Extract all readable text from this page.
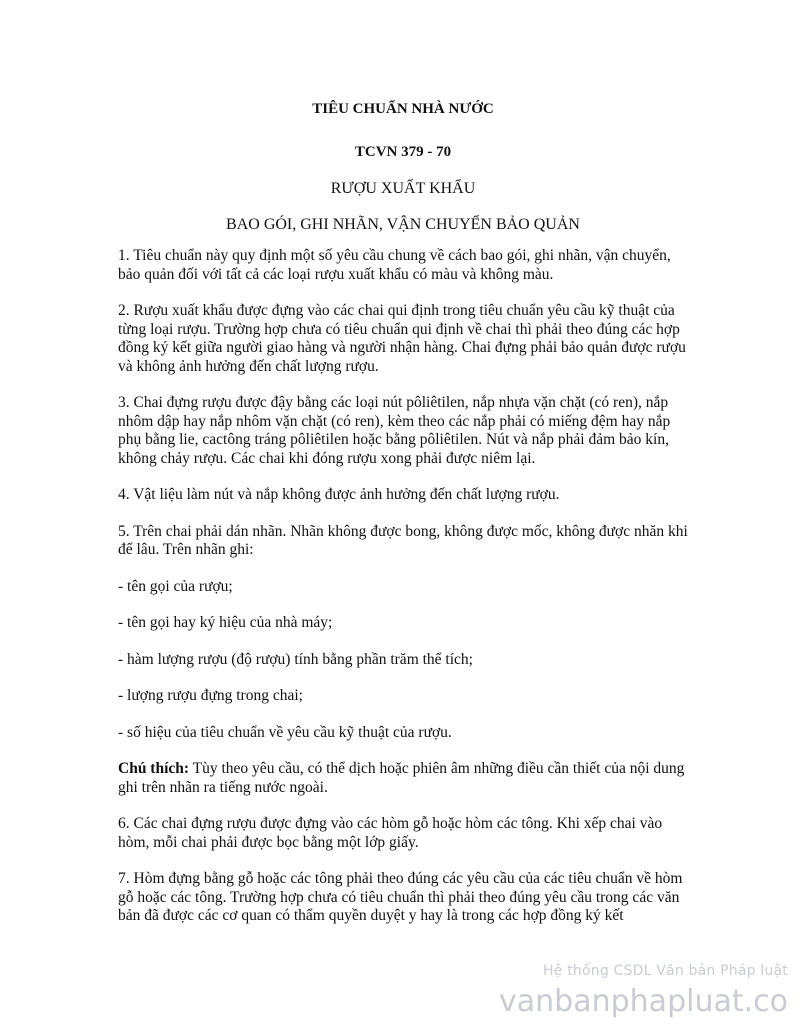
TIÊU CHUẨN NHÀ NƯỚC
TCVN 379 - 70
RƯỢU XUẤT KHẨU
BAO GÓI, GHI NHÃN, VẬN CHUYỂN BẢO QUẢN

1. Tiêu chuẩn này quy định một số yêu cầu chung về cách bao gói, ghi nhãn, vận chuyển, bảo quản đối với tất cả các loại rượu xuất khẩu có màu và không màu.

2. Rượu xuất khẩu được đựng vào các chai qui định trong tiêu chuẩn yêu cầu kỹ thuật của từng loại rượu. Trường hợp chưa có tiêu chuẩn qui định về chai thì phải theo đúng các hợp đồng ký kết giữa người giao hàng và người nhận hàng. Chai đựng phải bảo quản được rượu và không ảnh hưởng đến chất lượng rượu.

3. Chai đựng rượu được đậy bằng các loại nút pôliêtilen, nắp nhựa vặn chặt (có ren), nắp nhôm dập hay nắp nhôm vặn chặt (có ren), kèm theo các nắp phải có miếng đệm hay nắp phụ bằng lie, cactông tráng pôliêtilen hoặc bằng pôliêtilen. Nút và nắp phải đảm bảo kín, không chảy rượu. Các chai khi đóng rượu xong phải được niêm lại.

4. Vật liệu làm nút và nắp không được ảnh hưởng đến chất lượng rượu.

5. Trên chai phải dán nhãn. Nhãn không được bong, không được mốc, không được nhăn khi để lâu. Trên nhãn ghi:

- tên gọi của rượu;

- tên gọi hay ký hiệu của nhà máy;

- hàm lượng rượu (độ rượu) tính bằng phần trăm thể tích;

- lượng rượu đựng trong chai;

- số hiệu của tiêu chuẩn về yêu cầu kỹ thuật của rượu.

Chú thích: Tùy theo yêu cầu, có thể dịch hoặc phiên âm những điều cần thiết của nội dung ghi trên nhãn ra tiếng nước ngoài.

6. Các chai đựng rượu được đựng vào các hòm gỗ hoặc hòm các tông. Khi xếp chai vào hòm, mỗi chai phải được bọc bằng một lớp giấy.

7. Hòm đựng bằng gỗ hoặc các tông phải theo đúng các yêu cầu của các tiêu chuẩn về hòm gỗ hoặc các tông. Trường hợp chưa có tiêu chuẩn thì phải theo đúng yêu cầu trong các văn bản đã được các cơ quan có thẩm quyền duyệt y hay là trong các hợp đồng ký kết

Hệ thống CSDL Văn bản Pháp luật
vanbanphapluat.co
